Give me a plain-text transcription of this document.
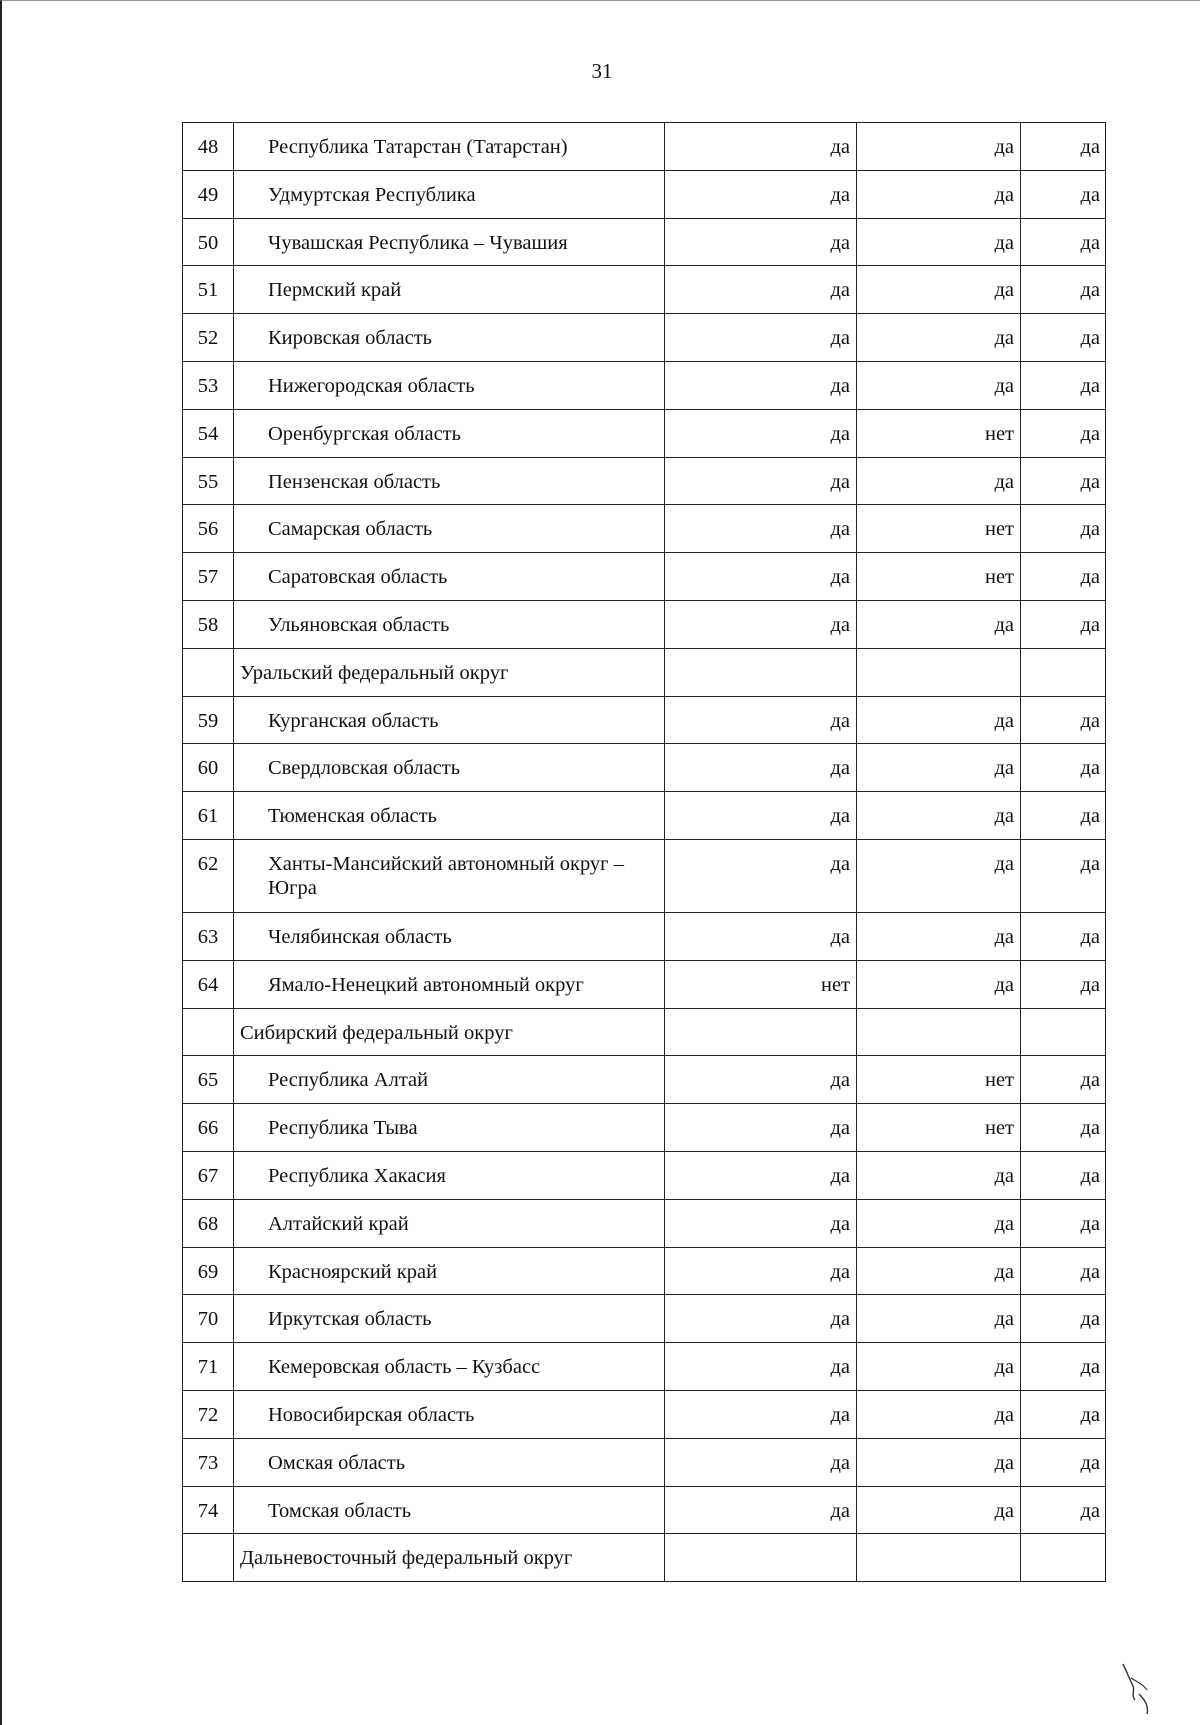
31
48	Республика Татарстан (Татарстан)	да	да	да
49	Удмуртская Республика	да	да	да
50	Чувашская Республика – Чувашия	да	да	да
51	Пермский край	да	да	да
52	Кировская область	да	да	да
53	Нижегородская область	да	да	да
54	Оренбургская область	да	нет	да
55	Пензенская область	да	да	да
56	Самарская область	да	нет	да
57	Саратовская область	да	нет	да
58	Ульяновская область	да	да	да
	Уральский федеральный округ			
59	Курганская область	да	да	да
60	Свердловская область	да	да	да
61	Тюменская область	да	да	да
62	Ханты-Мансийский автономный округ – Югра	да	да	да
63	Челябинская область	да	да	да
64	Ямало-Ненецкий автономный округ	нет	да	да
	Сибирский федеральный округ			
65	Республика Алтай	да	нет	да
66	Республика Тыва	да	нет	да
67	Республика Хакасия	да	да	да
68	Алтайский край	да	да	да
69	Красноярский край	да	да	да
70	Иркутская область	да	да	да
71	Кемеровская область – Кузбасс	да	да	да
72	Новосибирская область	да	да	да
73	Омская область	да	да	да
74	Томская область	да	да	да
	Дальневосточный федеральный округ			
